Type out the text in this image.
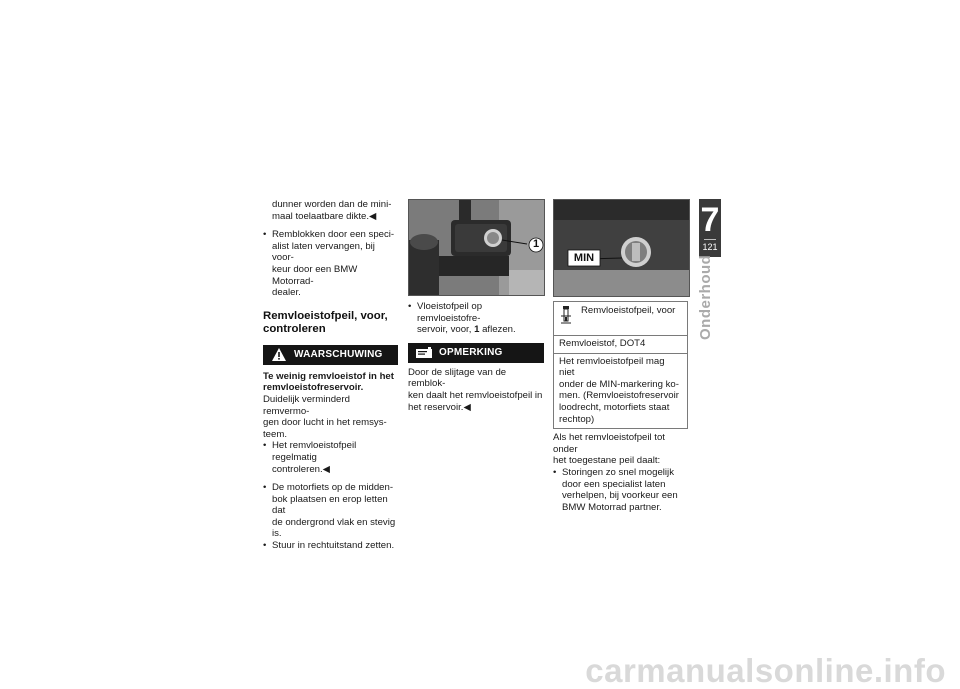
dunner worden dan de mini-
maal toelaatbare dikte.◀
• Remblokken door een speci-
alist laten vervangen, bij voor-
keur door een BMW Motorrad-
dealer.
Remvloeistofpeil, voor,
controleren
WAARSCHUWING
Te weinig remvloeistof in het
remvloeistofreservoir.
Duidelijk verminderd remvermo-
gen door lucht in het remsys-
teem.
• Het remvloeistofpeil regelmatig
controleren.◀
• De motorfiets op de midden-
bok plaatsen en erop letten dat
de ondergrond vlak en stevig
is.
• Stuur in rechtuitstand zetten.
1
• Vloeistofpeil op remvloeistofre-
servoir, voor, 1 aflezen.
OPMERKING
Door de slijtage van de remblok-
ken daalt het remvloeistofpeil in
het reservoir.◀
MIN
Remvloeistofpeil, voor
Remvloeistof, DOT4
Het remvloeistofpeil mag niet
onder de MIN-markering ko-
men. (Remvloeistofreservoir
loodrecht, motorfiets staat
rechtop)
Als het remvloeistofpeil tot onder
het toegestane peil daalt:
• Storingen zo snel mogelijk
door een specialist laten
verhelpen, bij voorkeur een
BMW Motorrad partner.
7
121
Onderhoud
carmanualsonline.info
